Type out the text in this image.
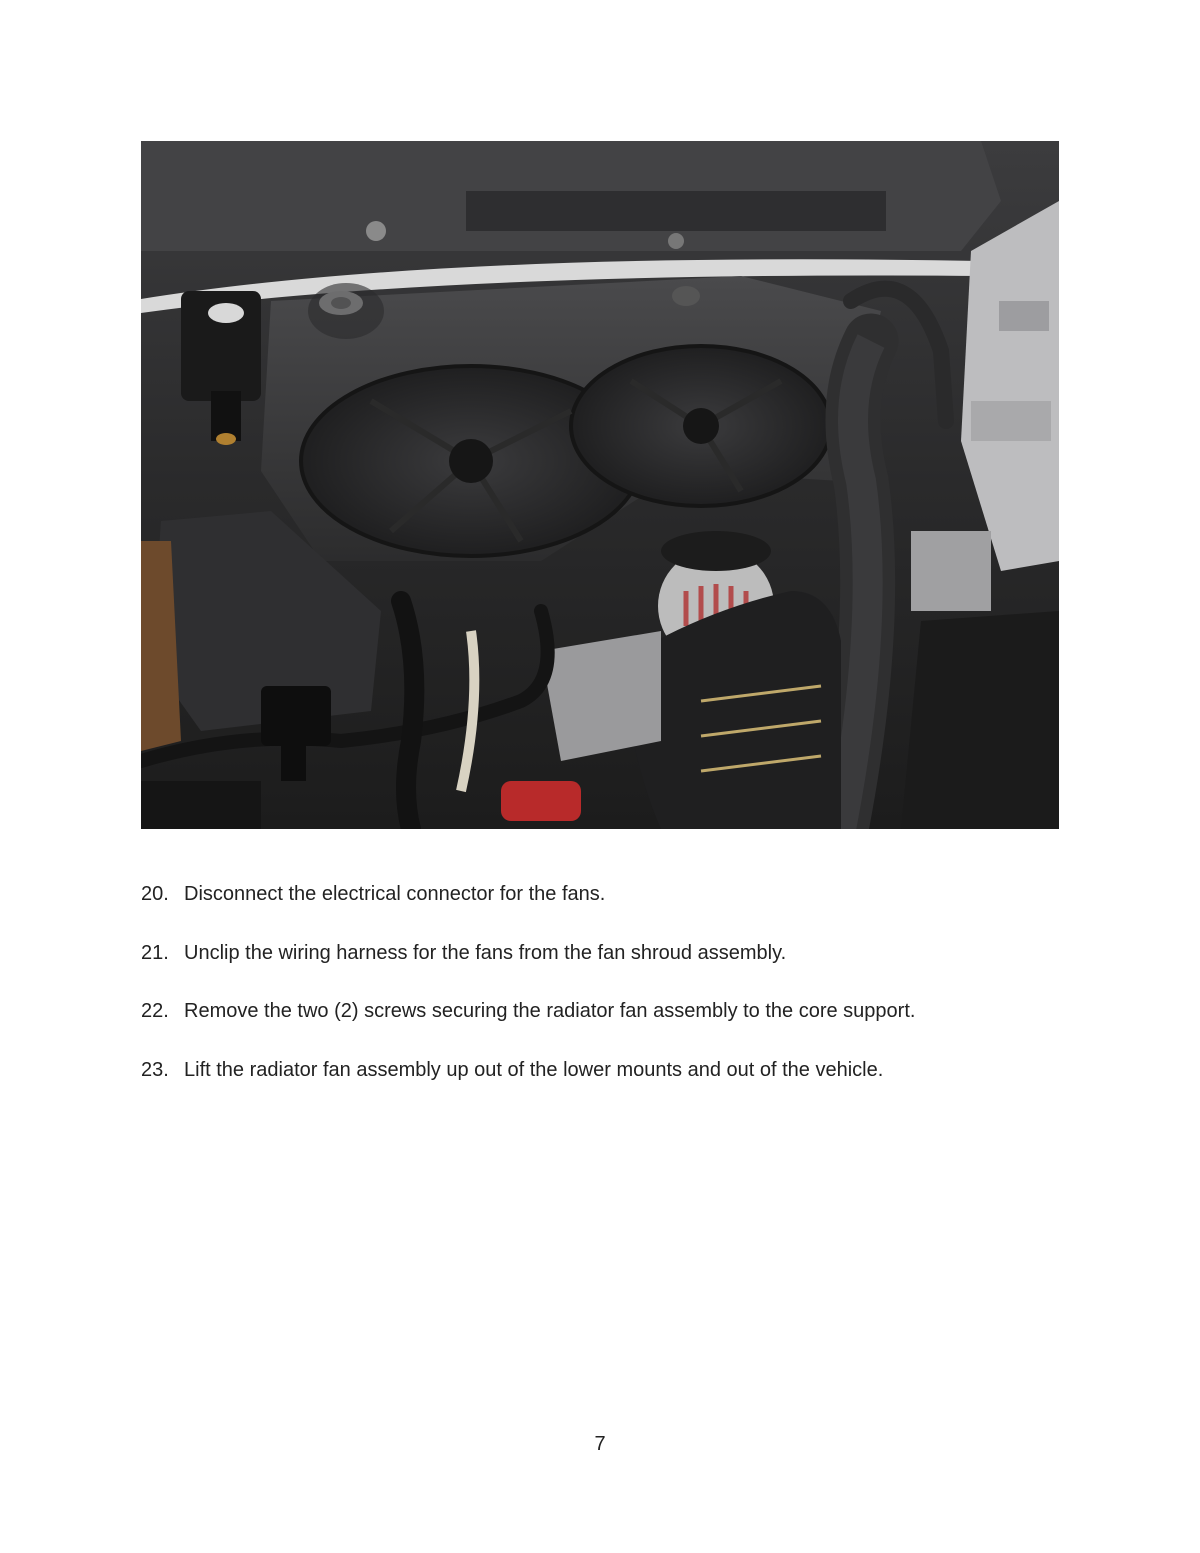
20. Disconnect the electrical connector for the fans.
21. Unclip the wiring harness for the fans from the fan shroud assembly.
22. Remove the two (2) screws securing the radiator fan assembly to the core support.
23. Lift the radiator fan assembly up out of the lower mounts and out of the vehicle.
7
